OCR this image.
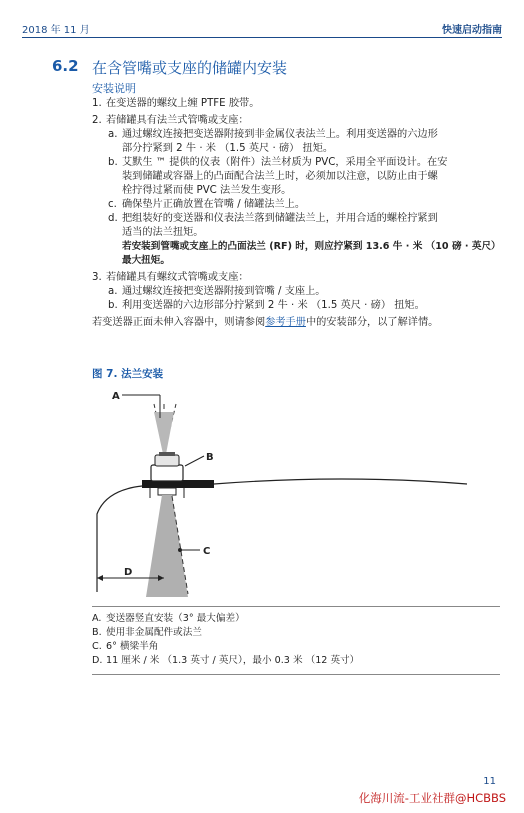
2018 年 11 月	快速启动指南
6.2 在含管嘴或支座的储罐内安装
安装说明
1. 在变送器的螺纹上缠 PTFE 胶带。
2. 若储罐具有法兰式管嘴或支座：
a. 通过螺纹连接把变送器附接到非金属仪表法兰上。利用变送器的六边形
部分拧紧到 2 牛 · 米 （1.5 英尺 · 磅） 扭矩。
b. 艾默生 ™ 提供的仪表（附件）法兰材质为 PVC，采用全平面设计。在安
装到储罐或容器上的凸面配合法兰上时，必须加以注意，以防止由于螺
栓拧得过紧而使 PVC 法兰发生变形。
c. 确保垫片正确放置在管嘴 / 储罐法兰上。
d. 把组装好的变送器和仪表法兰落到储罐法兰上，并用合适的螺栓拧紧到
适当的法兰扭矩。
若安装到管嘴或支座上的凸面法兰 (RF) 时，则应拧紧到 13.6 牛 · 米 （10 磅 · 英尺）
最大扭矩。
3. 若储罐具有螺纹式管嘴或支座：
a. 通过螺纹连接把变送器附接到管嘴 / 支座上。
b. 利用变送器的六边形部分拧紧到 2 牛 · 米 （1.5 英尺 · 磅） 扭矩。
若变送器正面未伸入容器中，则请参阅参考手册中的安装部分，以了解详情。
图 7. 法兰安装
A
B
C
D
A. 变送器竖直安装（3° 最大偏差）
B. 使用非金属配件或法兰
C. 6° 横梁半角
D. 11 厘米 / 米 （1.3 英寸 / 英尺），最小 0.3 米 （12 英寸）
11
化海川流-工业社群@HCBBS
